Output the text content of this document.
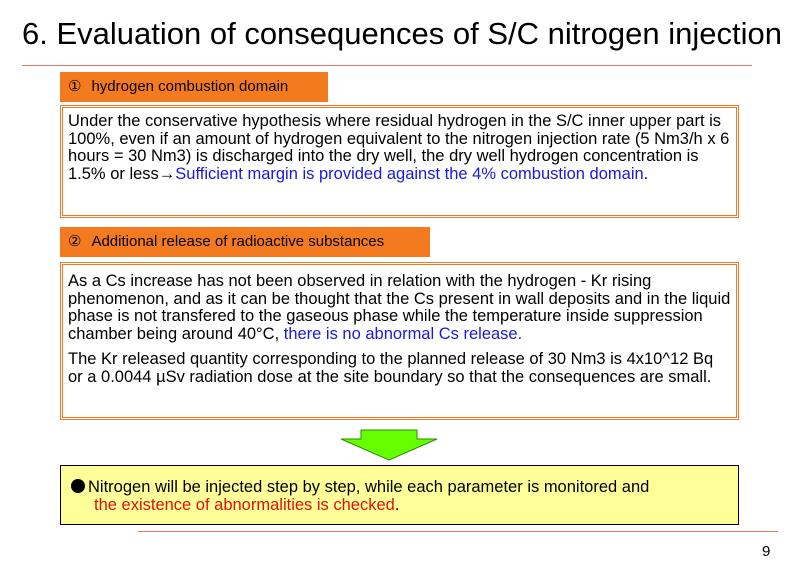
6. Evaluation of consequences of S/C nitrogen injection
① hydrogen combustion domain

Under the conservative hypothesis where residual hydrogen in the S/C inner upper part is 100%, even if an amount of hydrogen equivalent to the nitrogen injection rate (5 Nm3/h x 6 hours = 30 Nm3) is discharged into the dry well, the dry well hydrogen concentration is 1.5% or less→Sufficient margin is provided against the 4% combustion domain.

② Additional release of radioactive substances

As a Cs increase has not been observed in relation with the hydrogen - Kr rising phenomenon, and as it can be thought that the Cs present in wall deposits and in the liquid phase is not transfered to the gaseous phase while the temperature inside suppression chamber being around 40°C, there is no abnormal Cs release.

The Kr released quantity corresponding to the planned release of 30 Nm3 is 4x10^12 Bq or a 0.0044 µSv radiation dose at the site boundary so that the consequences are small.

Nitrogen will be injected step by step, while each parameter is monitored and
the existence of abnormalities is checked.
9
